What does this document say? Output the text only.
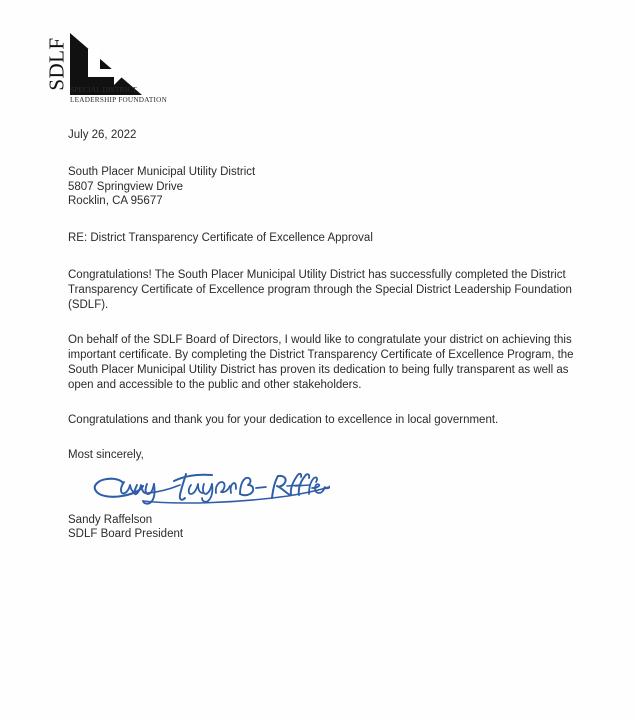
SDLF SPECIAL DISTRICT
LEADERSHIP FOUNDATION
July 26, 2022
South Placer Municipal Utility District
5807 Springview Drive
Rocklin, CA 95677
RE: District Transparency Certificate of Excellence Approval

Congratulations! The South Placer Municipal Utility District has successfully completed the District Transparency Certificate of Excellence program through the Special District Leadership Foundation (SDLF).

On behalf of the SDLF Board of Directors, I would like to congratulate your district on achieving this important certificate. By completing the District Transparency Certificate of Excellence Program, the South Placer Municipal Utility District has proven its dedication to being fully transparent as well as open and accessible to the public and other stakeholders.

Congratulations and thank you for your dedication to excellence in local government.

Most sincerely,
Sandy Raffelson
SDLF Board President
